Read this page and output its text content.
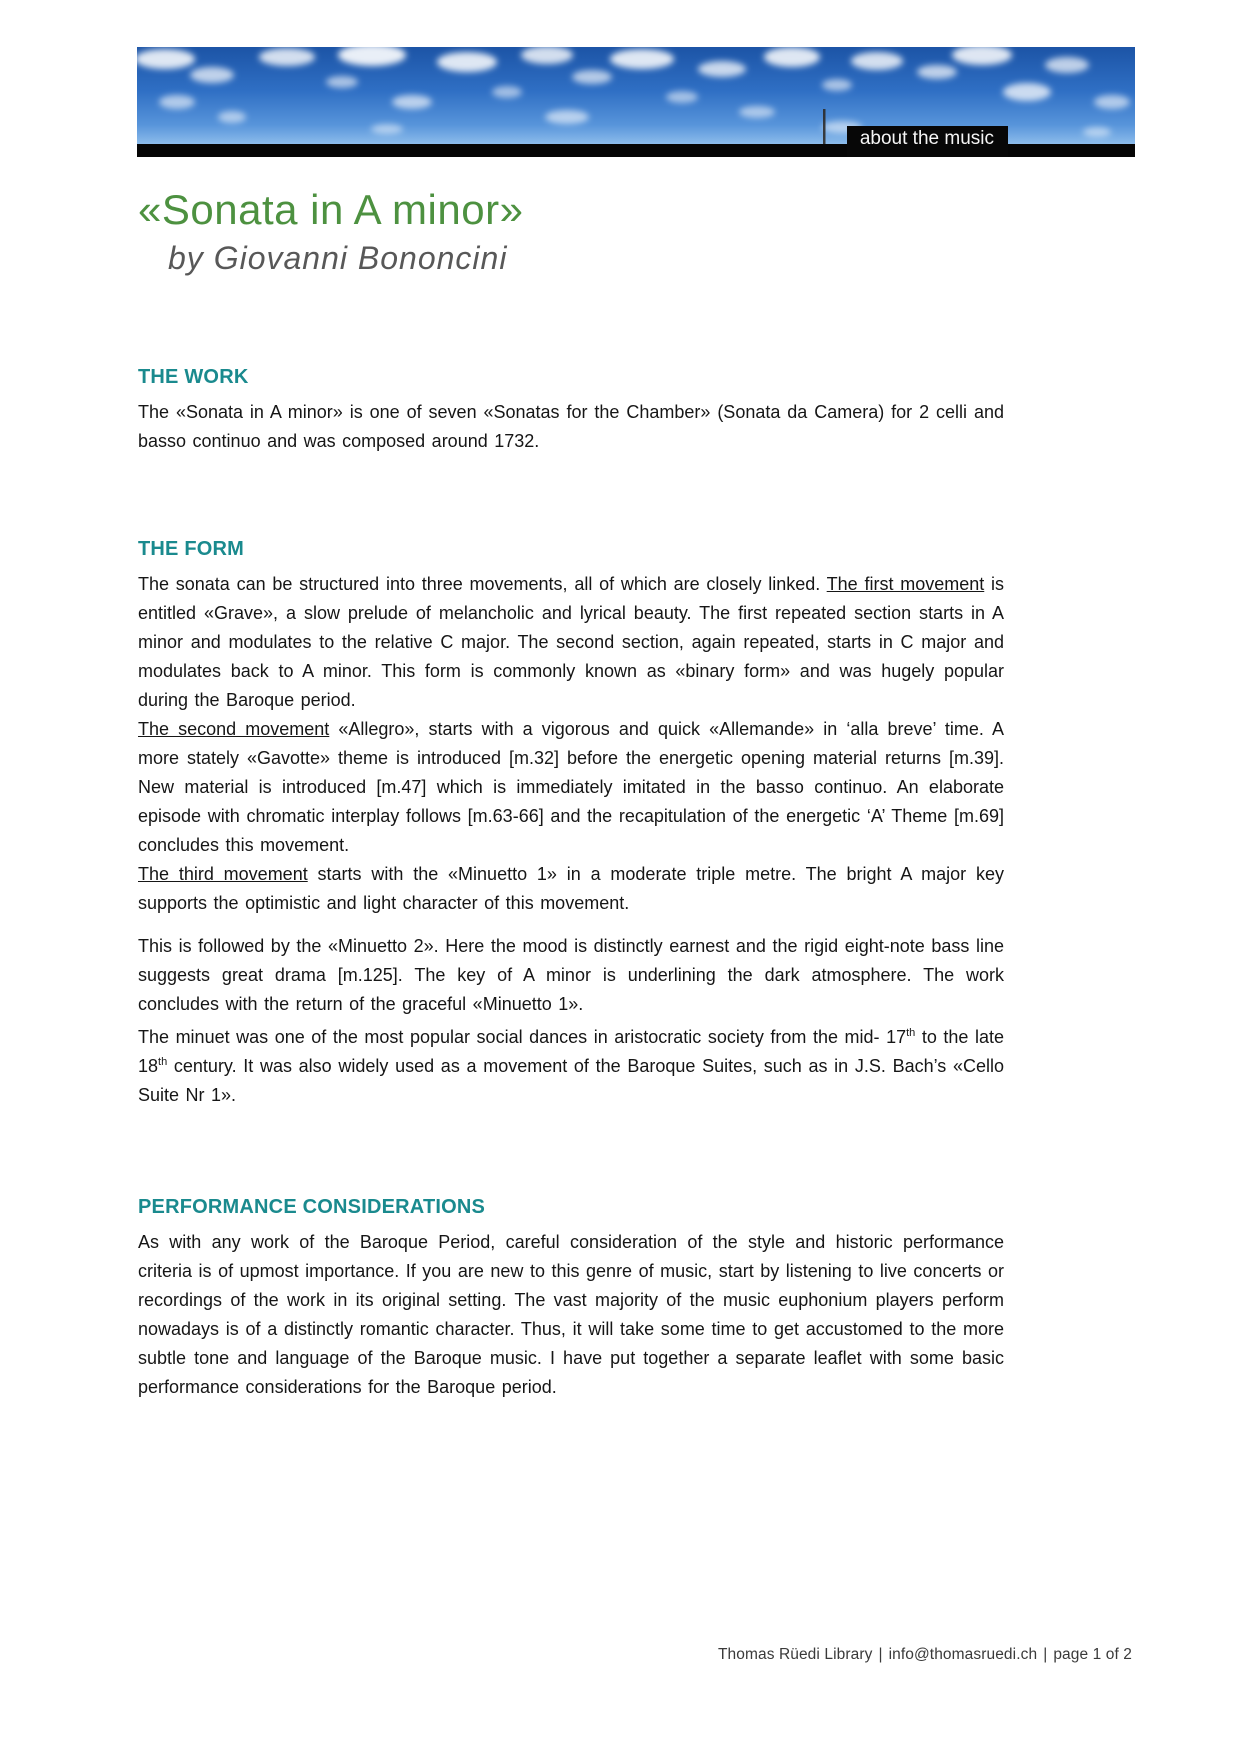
about the music
«Sonata in A minor»
by Giovanni Bononcini
THE WORK

The «Sonata in A minor» is one of seven «Sonatas for the Chamber» (Sonata da Camera) for 2 celli and basso continuo and was composed around 1732.

THE FORM

The sonata can be structured into three movements, all of which are closely linked. The first movement is entitled «Grave», a slow prelude of melancholic and lyrical beauty. The first repeated section starts in A minor and modulates to the relative C major. The second section, again repeated, starts in C major and modulates back to A minor. This form is commonly known as «binary form» and was hugely popular during the Baroque period.

The second movement «Allegro», starts with a vigorous and quick «Allemande» in ‘alla breve’ time. A more stately «Gavotte» theme is introduced [m.32] before the energetic opening material returns [m.39]. New material is introduced [m.47] which is immediately imitated in the basso continuo. An elaborate episode with chromatic interplay follows [m.63-66] and the recapitulation of the energetic ‘A’ Theme [m.69] concludes this movement.

The third movement starts with the «Minuetto 1» in a moderate triple metre. The bright A major key supports the optimistic and light character of this movement.

This is followed by the «Minuetto 2». Here the mood is distinctly earnest and the rigid eight-note bass line suggests great drama [m.125]. The key of A minor is underlining the dark atmosphere. The work concludes with the return of the graceful «Minuetto 1».

The minuet was one of the most popular social dances in aristocratic society from the mid- 17th to the late 18th century. It was also widely used as a movement of the Baroque Suites, such as in J.S. Bach’s «Cello Suite Nr 1».

PERFORMANCE CONSIDERATIONS

As with any work of the Baroque Period, careful consideration of the style and historic performance criteria is of upmost importance. If you are new to this genre of music, start by listening to live concerts or recordings of the work in its original setting. The vast majority of the music euphonium players perform nowadays is of a distinctly romantic character. Thus, it will take some time to get accustomed to the more subtle tone and language of the Baroque music. I have put together a separate leaflet with some basic performance considerations for the Baroque period.

Thomas Rüedi Library | info@thomasruedi.ch | page 1 of 2
